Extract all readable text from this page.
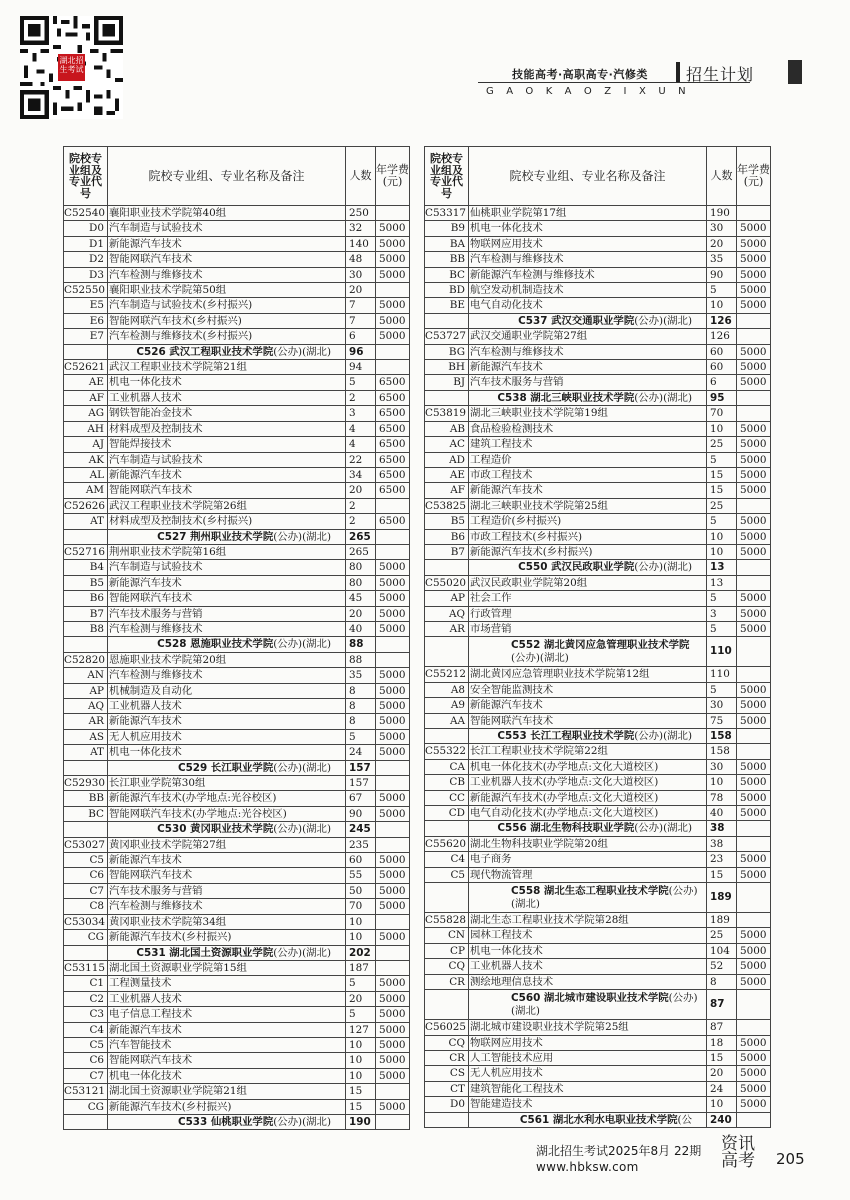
湖北招生考试	技能高考·高职高专·汽修类
GAOKAOZIXUN
招生计划
院校专业组及专业代号	院校专业组、专业名称及备注	人数	年学费(元)
C52540	襄阳职业技术学院第40组	250	
D0	汽车制造与试验技术	32	5000
D1	新能源汽车技术	140	5000
D2	智能网联汽车技术	48	5000
D3	汽车检测与维修技术	30	5000
C52550	襄阳职业技术学院第50组	20	
E5	汽车制造与试验技术(乡村振兴)	7	5000
E6	智能网联汽车技术(乡村振兴)	7	5000
E7	汽车检测与维修技术(乡村振兴)	6	5000
	C526 武汉工程职业技术学院(公办)(湖北)	96	
C52621	武汉工程职业技术学院第21组	94	
AE	机电一体化技术	5	6500
AF	工业机器人技术	2	6500
AG	钢铁智能冶金技术	3	6500
AH	材料成型及控制技术	4	6500
AJ	智能焊接技术	4	6500
AK	汽车制造与试验技术	22	6500
AL	新能源汽车技术	34	6500
AM	智能网联汽车技术	20	6500
C52626	武汉工程职业技术学院第26组	2	
AT	材料成型及控制技术(乡村振兴)	2	6500
	C527 荆州职业技术学院(公办)(湖北)	265	
C52716	荆州职业技术学院第16组	265	
B4	汽车制造与试验技术	80	5000
B5	新能源汽车技术	80	5000
B6	智能网联汽车技术	45	5000
B7	汽车技术服务与营销	20	5000
B8	汽车检测与维修技术	40	5000
	C528 恩施职业技术学院(公办)(湖北)	88	
C52820	恩施职业技术学院第20组	88	
AN	汽车检测与维修技术	35	5000
AP	机械制造及自动化	8	5000
AQ	工业机器人技术	8	5000
AR	新能源汽车技术	8	5000
AS	无人机应用技术	5	5000
AT	机电一体化技术	24	5000
	C529 长江职业学院(公办)(湖北)	157	
C52930	长江职业学院第30组	157	
BB	新能源汽车技术(办学地点:光谷校区)	67	5000
BC	智能网联汽车技术(办学地点:光谷校区)	90	5000
	C530 黄冈职业技术学院(公办)(湖北)	245	
C53027	黄冈职业技术学院第27组	235	
C5	新能源汽车技术	60	5000
C6	智能网联汽车技术	55	5000
C7	汽车技术服务与营销	50	5000
C8	汽车检测与维修技术	70	5000
C53034	黄冈职业技术学院第34组	10	
CG	新能源汽车技术(乡村振兴)	10	5000
	C531 湖北国土资源职业学院(公办)(湖北)	202	
C53115	湖北国土资源职业学院第15组	187	
C1	工程测量技术	5	5000
C2	工业机器人技术	20	5000
C3	电子信息工程技术	5	5000
C4	新能源汽车技术	127	5000
C5	汽车智能技术	10	5000
C6	智能网联汽车技术	10	5000
C7	机电一体化技术	10	5000
C53121	湖北国土资源职业学院第21组	15	
CG	新能源汽车技术(乡村振兴)	15	5000
	C533 仙桃职业学院(公办)(湖北)	190	
院校专业组及专业代号	院校专业组、专业名称及备注	人数	年学费(元)
C53317	仙桃职业学院第17组	190	
B9	机电一体化技术	30	5000
BA	物联网应用技术	20	5000
BB	汽车检测与维修技术	35	5000
BC	新能源汽车检测与维修技术	90	5000
BD	航空发动机制造技术	5	5000
BE	电气自动化技术	10	5000
	C537 武汉交通职业学院(公办)(湖北)	126	
C53727	武汉交通职业学院第27组	126	
BG	汽车检测与维修技术	60	5000
BH	新能源汽车技术	60	5000
BJ	汽车技术服务与营销	6	5000
	C538 湖北三峡职业技术学院(公办)(湖北)	95	
C53819	湖北三峡职业技术学院第19组	70	
AB	食品检验检测技术	10	5000
AC	建筑工程技术	25	5000
AD	工程造价	5	5000
AE	市政工程技术	15	5000
AF	新能源汽车技术	15	5000
C53825	湖北三峡职业技术学院第25组	25	
B5	工程造价(乡村振兴)	5	5000
B6	市政工程技术(乡村振兴)	10	5000
B7	新能源汽车技术(乡村振兴)	10	5000
	C550 武汉民政职业学院(公办)(湖北)	13	
C55020	武汉民政职业学院第20组	13	
AP	社会工作	5	5000
AQ	行政管理	3	5000
AR	市场营销	5	5000
	C552 湖北黄冈应急管理职业技术学院(公办)(湖北)	110	
C55212	湖北黄冈应急管理职业技术学院第12组	110	
A8	安全智能监测技术	5	5000
A9	新能源汽车技术	30	5000
AA	智能网联汽车技术	75	5000
	C553 长江工程职业技术学院(公办)(湖北)	158	
C55322	长江工程职业技术学院第22组	158	
CA	机电一体化技术(办学地点:文化大道校区)	30	5000
CB	工业机器人技术(办学地点:文化大道校区)	10	5000
CC	新能源汽车技术(办学地点:文化大道校区)	78	5000
CD	电气自动化技术(办学地点:文化大道校区)	40	5000
	C556 湖北生物科技职业学院(公办)(湖北)	38	
C55620	湖北生物科技职业学院第20组	38	
C4	电子商务	23	5000
C5	现代物流管理	15	5000
	C558 湖北生态工程职业技术学院(公办)(湖北)	189	
C55828	湖北生态工程职业技术学院第28组	189	
CN	园林工程技术	25	5000
CP	机电一体化技术	104	5000
CQ	工业机器人技术	52	5000
CR	测绘地理信息技术	8	5000
	C560 湖北城市建设职业技术学院(公办)(湖北)	87	
C56025	湖北城市建设职业技术学院第25组	87	
CQ	物联网应用技术	18	5000
CR	人工智能技术应用	15	5000
CS	无人机应用技术	20	5000
CT	建筑智能化工程技术	24	5000
D0	智能建造技术	10	5000
	C561 湖北水利水电职业技术学院(公	240	
湖北招生考试2025年8月 22期
www.hbksw.com
资讯高考	205
